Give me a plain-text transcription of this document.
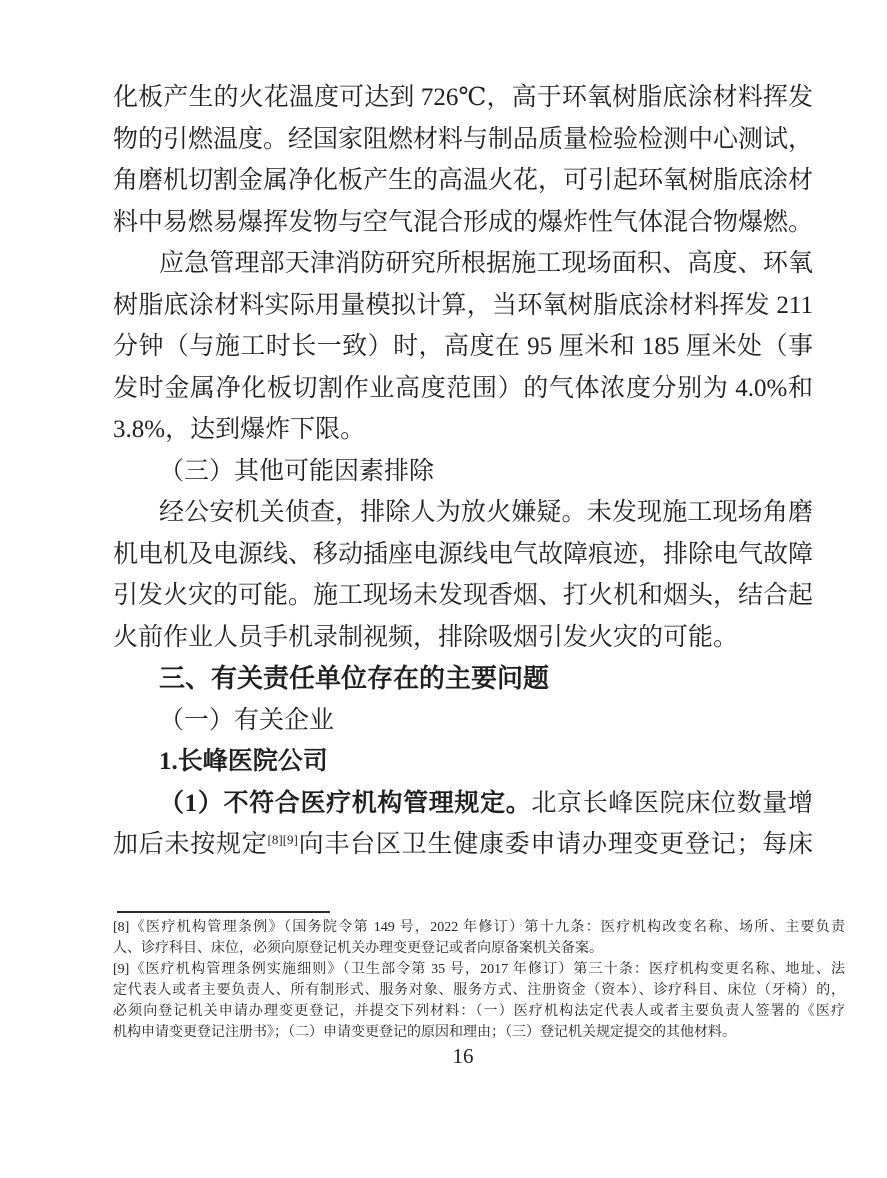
化板产生的火花温度可达到 726℃，高于环氧树脂底涂材料挥发
物的引燃温度。经国家阻燃材料与制品质量检验检测中心测试，
角磨机切割金属净化板产生的高温火花，可引起环氧树脂底涂材
料中易燃易爆挥发物与空气混合形成的爆炸性气体混合物爆燃。
应急管理部天津消防研究所根据施工现场面积、高度、环氧
树脂底涂材料实际用量模拟计算，当环氧树脂底涂材料挥发 211
分钟（与施工时长一致）时，高度在 95 厘米和 185 厘米处（事
发时金属净化板切割作业高度范围）的气体浓度分别为 4.0%和
3.8%，达到爆炸下限。
（三）其他可能因素排除
经公安机关侦查，排除人为放火嫌疑。未发现施工现场角磨
机电机及电源线、移动插座电源线电气故障痕迹，排除电气故障
引发火灾的可能。施工现场未发现香烟、打火机和烟头，结合起
火前作业人员手机录制视频，排除吸烟引发火灾的可能。
三、有关责任单位存在的主要问题
（一）有关企业
1.长峰医院公司
（1）不符合医疗机构管理规定。北京长峰医院床位数量增
加后未按规定[8][9]向丰台区卫生健康委申请办理变更登记；每床
[8]《医疗机构管理条例》（国务院令第 149 号，2022 年修订）第十九条：医疗机构改变名称、场所、主要负责
人、诊疗科目、床位，必须向原登记机关办理变更登记或者向原备案机关备案。
[9]《医疗机构管理条例实施细则》（卫生部令第 35 号，2017 年修订）第三十条：医疗机构变更名称、地址、法
定代表人或者主要负责人、所有制形式、服务对象、服务方式、注册资金（资本）、诊疗科目、床位（牙椅）的，
必须向登记机关申请办理变更登记，并提交下列材料：（一）医疗机构法定代表人或者主要负责人签署的《医疗
机构申请变更登记注册书》；（二）申请变更登记的原因和理由；（三）登记机关规定提交的其他材料。
16
